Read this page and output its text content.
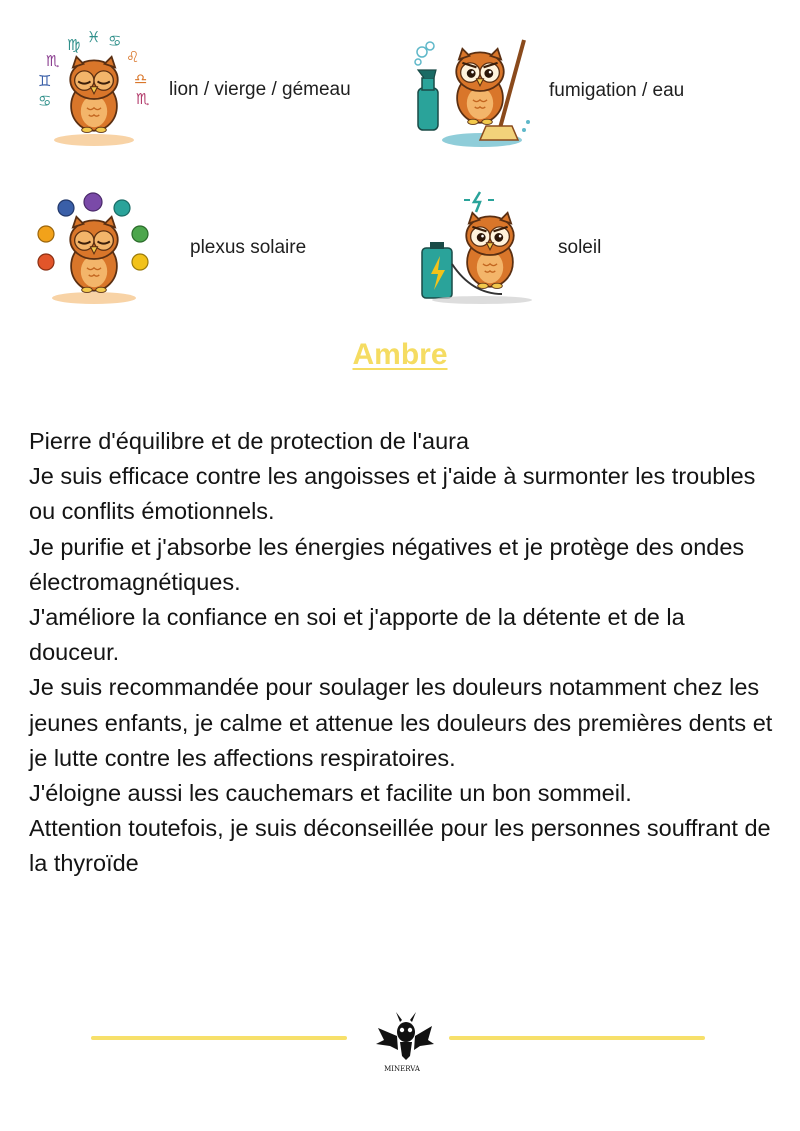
♍ ♓ ♋
♏	♌
♊	♎
♋	♏ lion / vierge / gémeau	fumigation / eau
plexus solaire	soleil
Ambre

Pierre d'équilibre et de protection de l'aura

Je suis efficace contre les angoisses et j'aide à surmonter les troubles ou conflits émotionnels.

Je purifie et j'absorbe les énergies négatives et je protège des ondes électromagnétiques.

J'améliore la confiance en soi et j'apporte de la détente et de la douceur.

Je suis recommandée pour soulager les douleurs notamment chez les jeunes enfants, je calme et attenue les douleurs des premières dents et je lutte contre les affections respiratoires.

J'éloigne aussi les cauchemars et facilite un bon sommeil.

Attention toutefois, je suis déconseillée pour les personnes souffrant de la thyroïde

MINERVA
